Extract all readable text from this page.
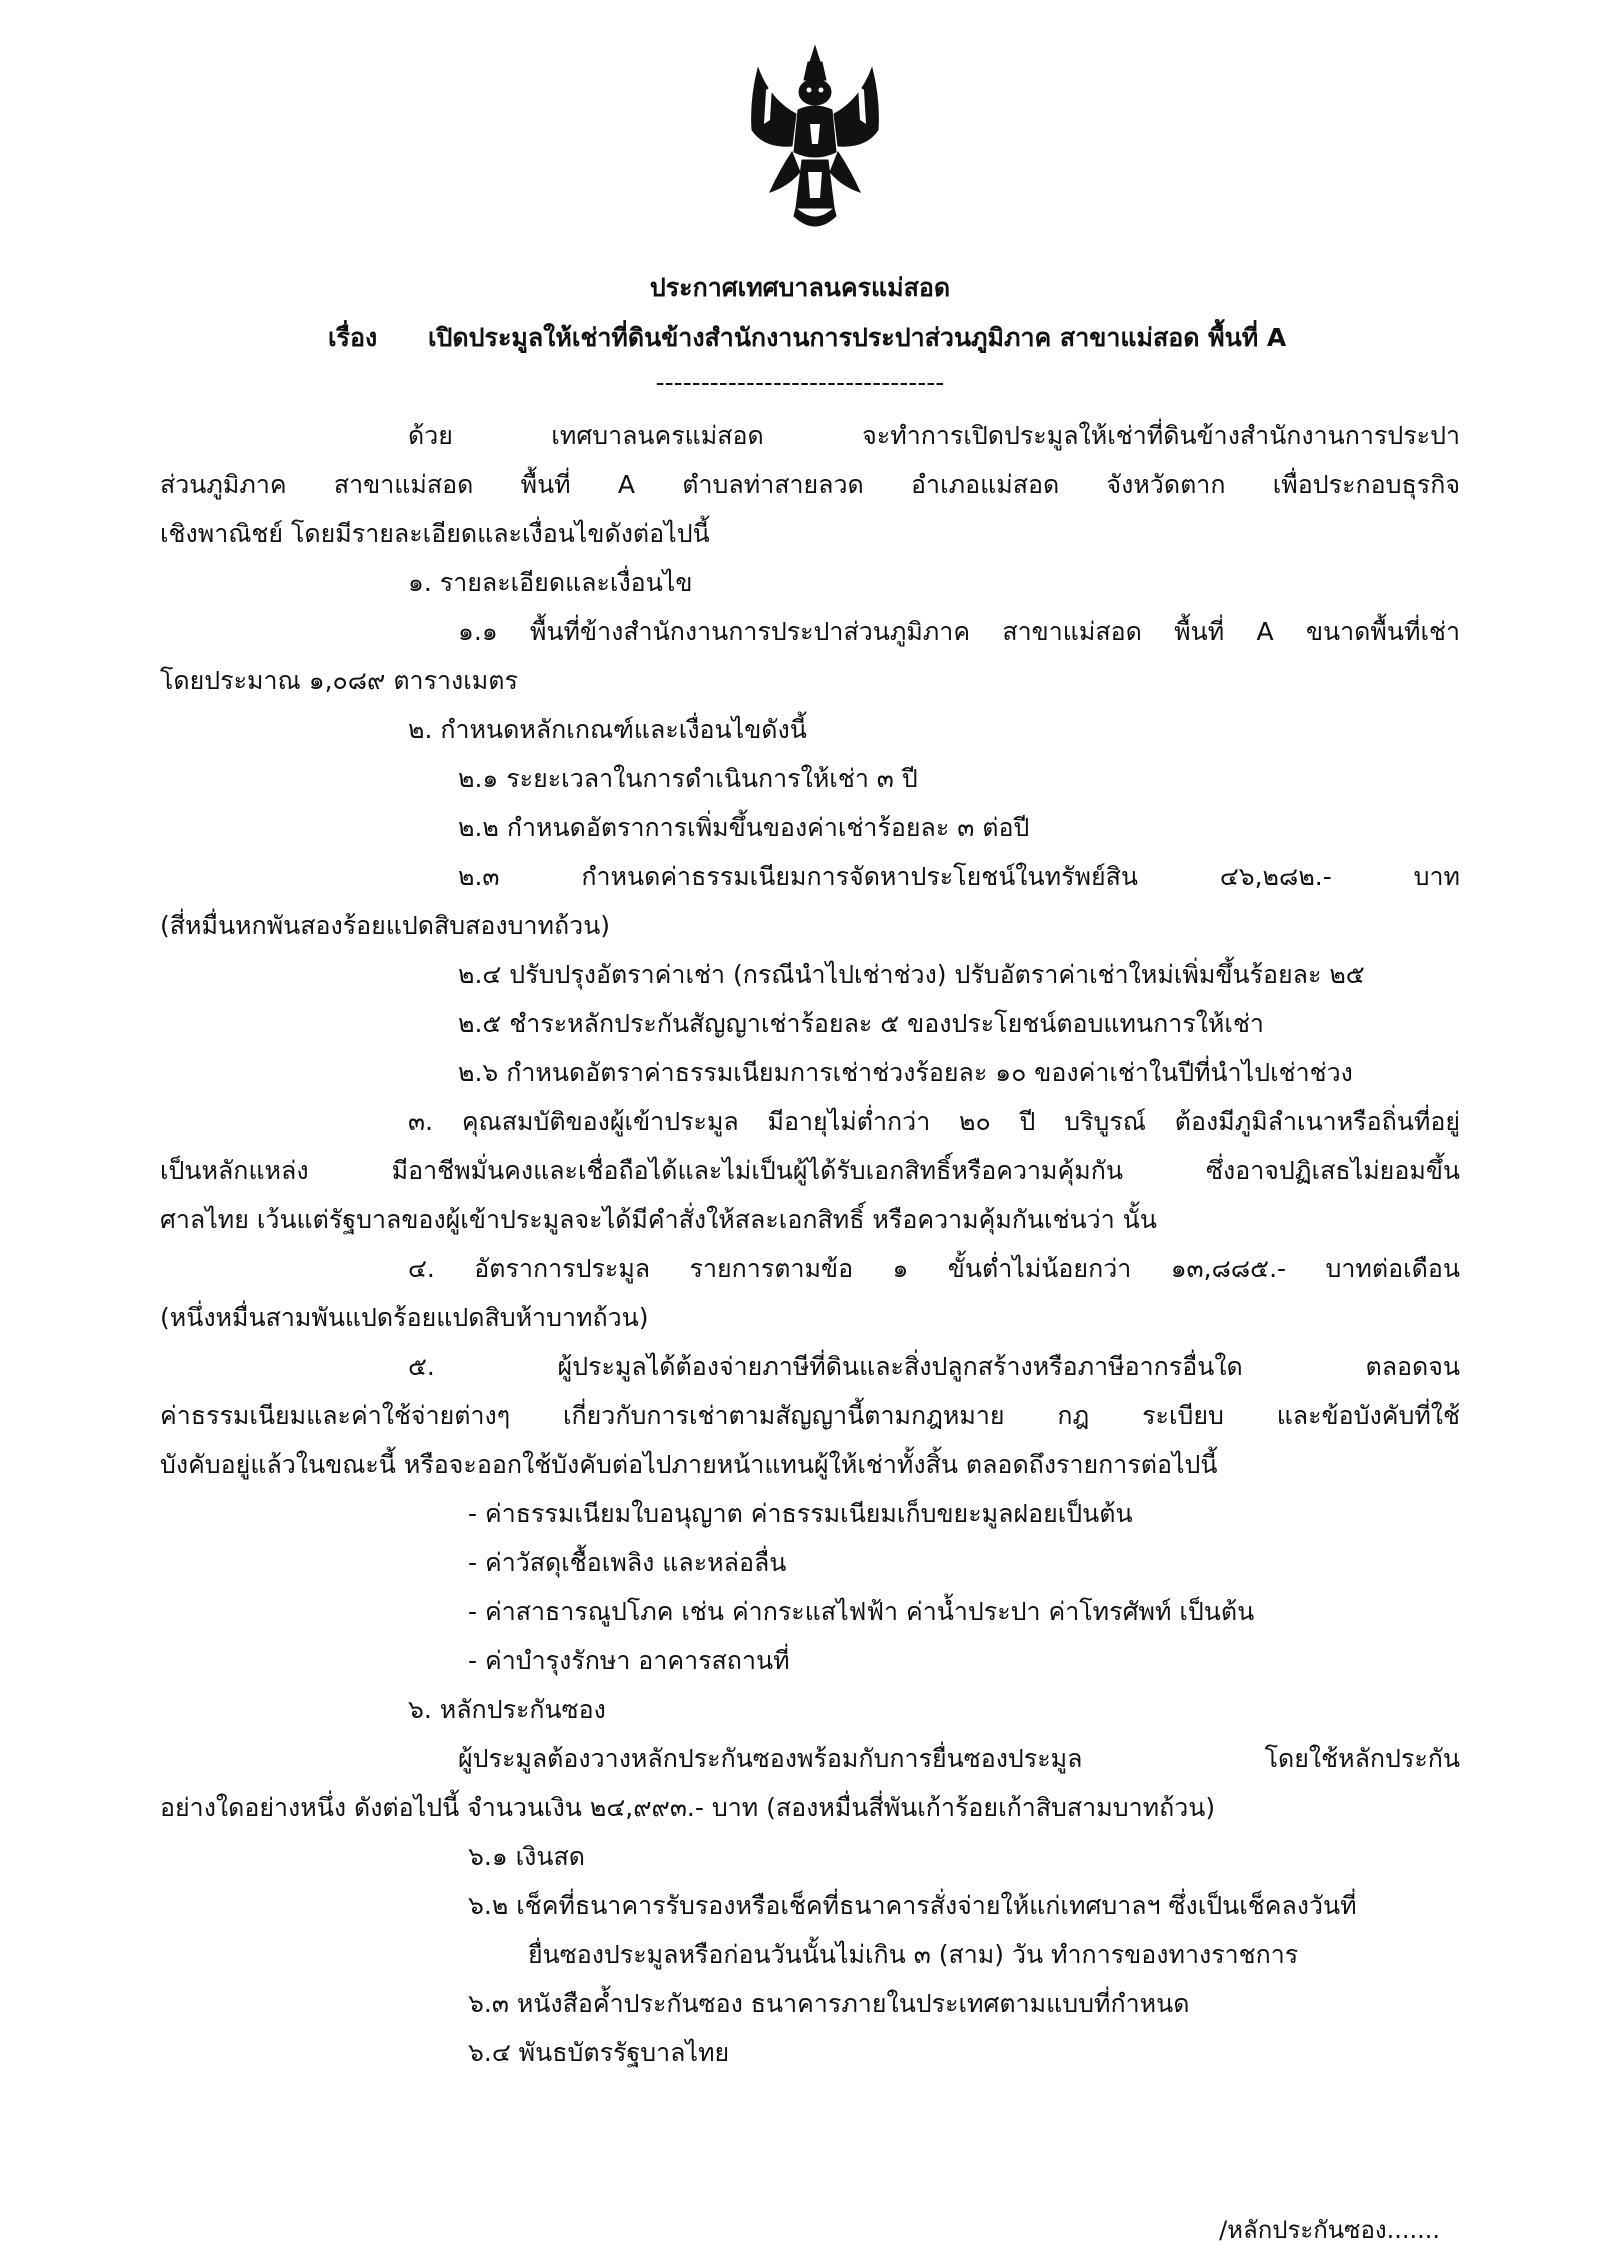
ประกาศเทศบาลนครแม่สอด
เรื่อง เปิดประมูลให้เช่าที่ดินข้างสำนักงานการประปาส่วนภูมิภาค สาขาแม่สอด พื้นที่ A
--------------------------------
ด้วย เทศบาลนครแม่สอด จะทำการเปิดประมูลให้เช่าที่ดินข้างสำนักงานการประปา
ส่วนภูมิภาค สาขาแม่สอด พื้นที่ A ตำบลท่าสายลวด อำเภอแม่สอด จังหวัดตาก เพื่อประกอบธุรกิจ
เชิงพาณิชย์ โดยมีรายละเอียดและเงื่อนไขดังต่อไปนี้
๑. รายละเอียดและเงื่อนไข
๑.๑ พื้นที่ข้างสำนักงานการประปาส่วนภูมิภาค สาขาแม่สอด พื้นที่ A ขนาดพื้นที่เช่า
โดยประมาณ ๑,๐๘๙ ตารางเมตร
๒. กำหนดหลักเกณฑ์และเงื่อนไขดังนี้
๒.๑ ระยะเวลาในการดำเนินการให้เช่า ๓ ปี
๒.๒ กำหนดอัตราการเพิ่มขึ้นของค่าเช่าร้อยละ ๓ ต่อปี
๒.๓ กำหนดค่าธรรมเนียมการจัดหาประโยชน์ในทรัพย์สิน ๔๖,๒๘๒.- บาท
(สี่หมื่นหกพันสองร้อยแปดสิบสองบาทถ้วน)
๒.๔ ปรับปรุงอัตราค่าเช่า (กรณีนำไปเช่าช่วง) ปรับอัตราค่าเช่าใหม่เพิ่มขึ้นร้อยละ ๒๕
๒.๕ ชำระหลักประกันสัญญาเช่าร้อยละ ๕ ของประโยชน์ตอบแทนการให้เช่า
๒.๖ กำหนดอัตราค่าธรรมเนียมการเช่าช่วงร้อยละ ๑๐ ของค่าเช่าในปีที่นำไปเช่าช่วง
๓. คุณสมบัติของผู้เข้าประมูล มีอายุไม่ต่ำกว่า ๒๐ ปี บริบูรณ์ ต้องมีภูมิลำเนาหรือถิ่นที่อยู่
เป็นหลักแหล่ง มีอาชีพมั่นคงและเชื่อถือได้และไม่เป็นผู้ได้รับเอกสิทธิ์หรือความคุ้มกัน ซึ่งอาจปฏิเสธไม่ยอมขึ้น
ศาลไทย เว้นแต่รัฐบาลของผู้เข้าประมูลจะได้มีคำสั่งให้สละเอกสิทธิ์ หรือความคุ้มกันเช่นว่า นั้น
๔. อัตราการประมูล รายการตามข้อ ๑ ขั้นต่ำไม่น้อยกว่า ๑๓,๘๘๕.- บาทต่อเดือน
(หนึ่งหมื่นสามพันแปดร้อยแปดสิบห้าบาทถ้วน)
๕. ผู้ประมูลได้ต้องจ่ายภาษีที่ดินและสิ่งปลูกสร้างหรือภาษีอากรอื่นใด ตลอดจน
ค่าธรรมเนียมและค่าใช้จ่ายต่างๆ เกี่ยวกับการเช่าตามสัญญานี้ตามกฎหมาย กฎ ระเบียบ และข้อบังคับที่ใช้
บังคับอยู่แล้วในขณะนี้ หรือจะออกใช้บังคับต่อไปภายหน้าแทนผู้ให้เช่าทั้งสิ้น ตลอดถึงรายการต่อไปนี้
- ค่าธรรมเนียมใบอนุญาต ค่าธรรมเนียมเก็บขยะมูลฝอยเป็นต้น
- ค่าวัสดุเชื้อเพลิง และหล่อลื่น
- ค่าสาธารณูปโภค เช่น ค่ากระแสไฟฟ้า ค่าน้ำประปา ค่าโทรศัพท์ เป็นต้น
- ค่าบำรุงรักษา อาคารสถานที่
๖. หลักประกันซอง
ผู้ประมูลต้องวางหลักประกันซองพร้อมกับการยื่นซองประมูล โดยใช้หลักประกัน
อย่างใดอย่างหนึ่ง ดังต่อไปนี้ จำนวนเงิน ๒๔,๙๙๓.- บาท (สองหมื่นสี่พันเก้าร้อยเก้าสิบสามบาทถ้วน)
๖.๑ เงินสด
๖.๒ เช็คที่ธนาคารรับรองหรือเช็คที่ธนาคารสั่งจ่ายให้แก่เทศบาลฯ ซึ่งเป็นเช็คลงวันที่
ยื่นซองประมูลหรือก่อนวันนั้นไม่เกิน ๓ (สาม) วัน ทำการของทางราชการ
๖.๓ หนังสือค้ำประกันซอง ธนาคารภายในประเทศตามแบบที่กำหนด
๖.๔ พันธบัตรรัฐบาลไทย
/หลักประกันซอง.......
